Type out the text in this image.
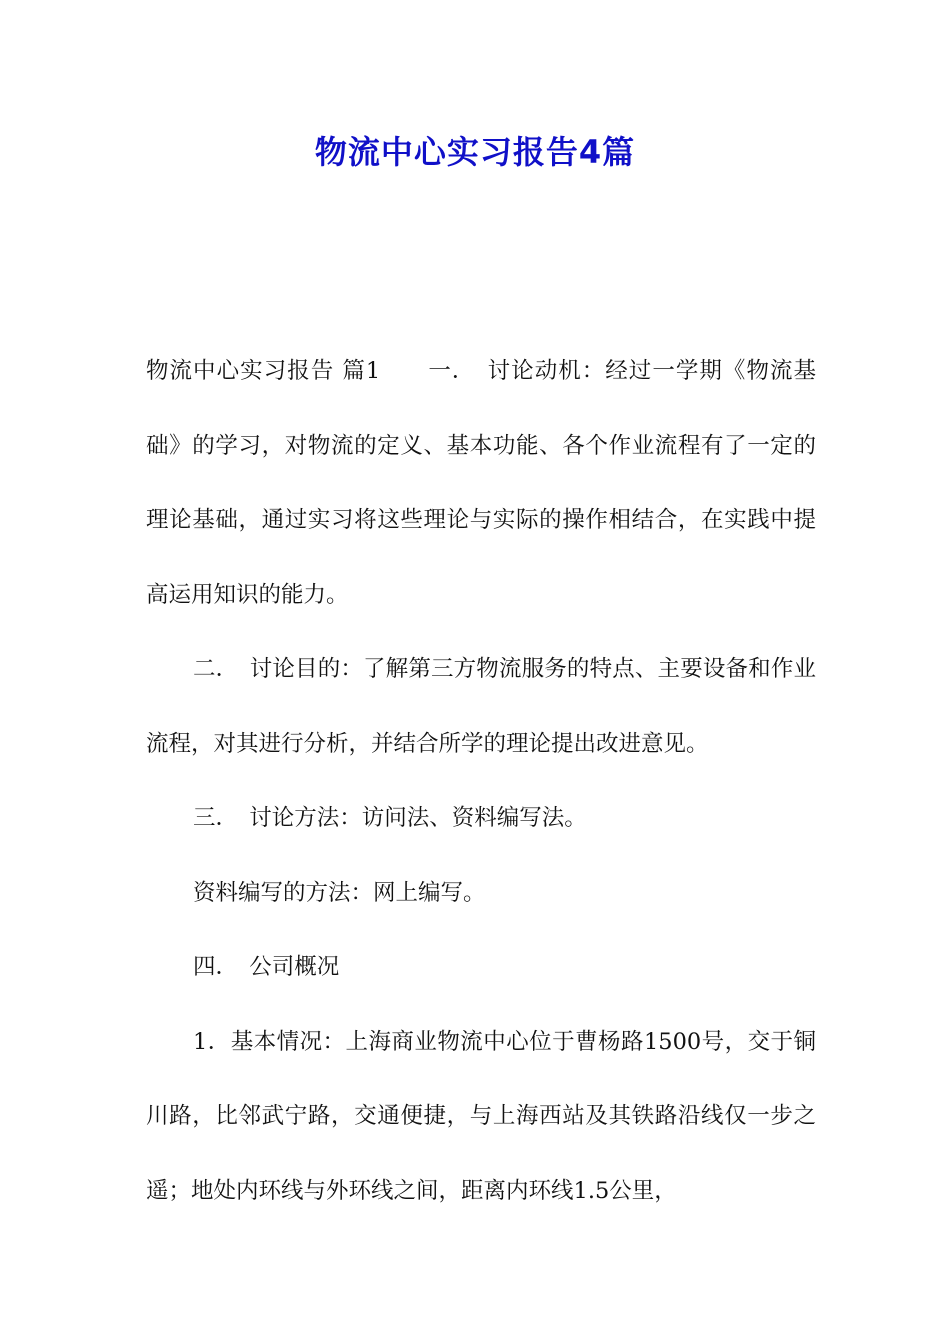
物流中心实习报告4篇

物流中心实习报告 篇1　　一．　讨论动机：经过一学期《物流基础》的学习，对物流的定义、基本功能、各个作业流程有了一定的理论基础，通过实习将这些理论与实际的操作相结合，在实践中提高运用知识的能力。

二．　讨论目的：了解第三方物流服务的特点、主要设备和作业流程，对其进行分析，并结合所学的理论提出改进意见。

三．　讨论方法：访问法、资料编写法。

资料编写的方法：网上编写。

四．　公司概况

1．基本情况：上海商业物流中心位于曹杨路1500号，交于铜川路，比邻武宁路，交通便捷，与上海西站及其铁路沿线仅一步之遥；地处内环线与外环线之间，距离内环线1.5公里，
